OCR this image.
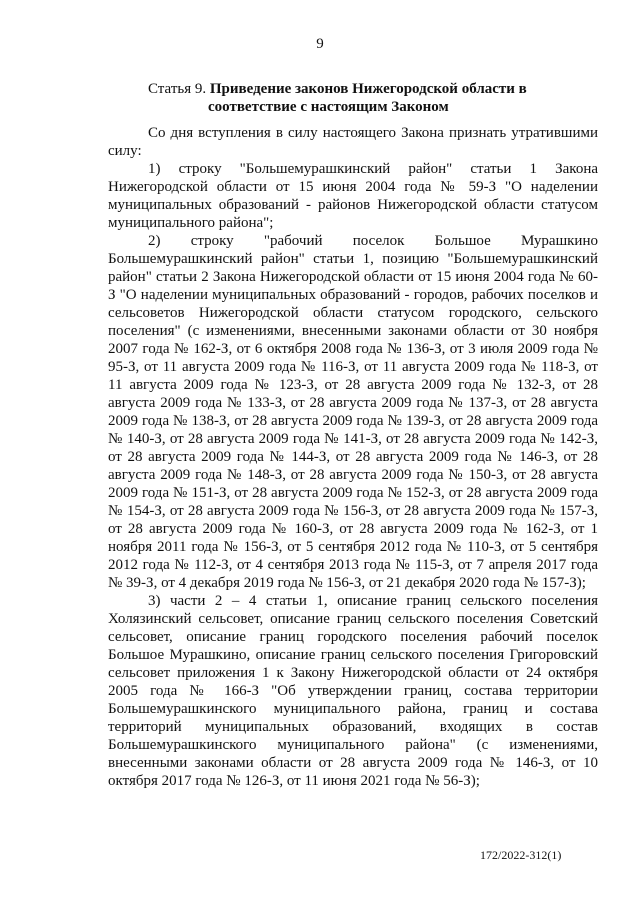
9
Статья 9. Приведение законов Нижегородской области в
соответствие с настоящим Законом

Со дня вступления в силу настоящего Закона признать утратившими силу:

1) строку "Большемурашкинский район" статьи 1 Закона Нижегородской области от 15 июня 2004 года № 59-З "О наделении муниципальных образований - районов Нижегородской области статусом муниципального района";

2) строку "рабочий поселок Большое Мурашкино Большемурашкинский район" статьи 1, позицию "Большемурашкинский район" статьи 2 Закона Нижегородской области от 15 июня 2004 года № 60-З "О наделении муниципальных образований - городов, рабочих поселков и сельсоветов Нижегородской области статусом городского, сельского поселения" (с изменениями, внесенными законами области от 30 ноября 2007 года № 162-З, от 6 октября 2008 года № 136-З, от 3 июля 2009 года № 95-З, от 11 августа 2009 года № 116-З, от 11 августа 2009 года № 118-З, от 11 августа 2009 года № 123-З, от 28 августа 2009 года № 132-З, от 28 августа 2009 года № 133-З, от 28 августа 2009 года № 137-З, от 28 августа 2009 года № 138-З, от 28 августа 2009 года № 139-З, от 28 августа 2009 года № 140-З, от 28 августа 2009 года № 141-З, от 28 августа 2009 года № 142-З, от 28 августа 2009 года № 144-З, от 28 августа 2009 года № 146-З, от 28 августа 2009 года № 148-З, от 28 августа 2009 года № 150-З, от 28 августа 2009 года № 151-З, от 28 августа 2009 года № 152-З, от 28 августа 2009 года № 154-З, от 28 августа 2009 года № 156-З, от 28 августа 2009 года № 157-З, от 28 августа 2009 года № 160-З, от 28 августа 2009 года № 162-З, от 1 ноября 2011 года № 156-З, от 5 сентября 2012 года № 110-З, от 5 сентября 2012 года № 112-З, от 4 сентября 2013 года № 115-З, от 7 апреля 2017 года № 39-З, от 4 декабря 2019 года № 156-З, от 21 декабря 2020 года № 157-З);

3) части 2 – 4 статьи 1, описание границ сельского поселения Холязинский сельсовет, описание границ сельского поселения Советский сельсовет, описание границ городского поселения рабочий поселок Большое Мурашкино, описание границ сельского поселения Григоровский сельсовет приложения 1 к Закону Нижегородской области от 24 октября 2005 года № 166-З "Об утверждении границ, состава территории Большемурашкинского муниципального района, границ и состава территорий муниципальных образований, входящих в состав Большемурашкинского муниципального района" (с изменениями, внесенными законами области от 28 августа 2009 года № 146-З, от 10 октября 2017 года № 126-З, от 11 июня 2021 года № 56-З);

172/2022-312(1)
